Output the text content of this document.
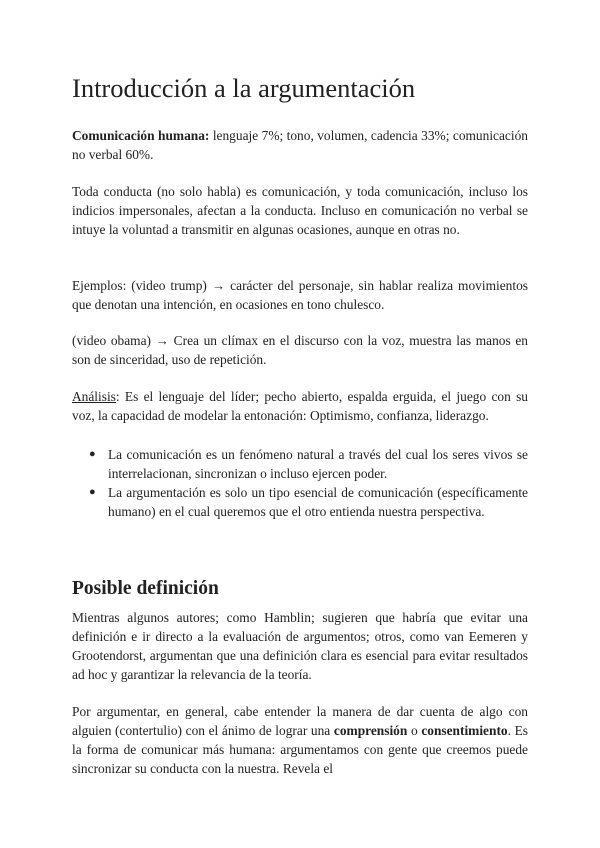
Introducción a la argumentación

Comunicación humana: lenguaje 7%; tono, volumen, cadencia 33%; comunicación no verbal 60%.

Toda conducta (no solo habla) es comunicación, y toda comunicación, incluso los indicios impersonales, afectan a la conducta. Incluso en comunicación no verbal se intuye la voluntad a transmitir en algunas ocasiones, aunque en otras no.

Ejemplos: (video trump) → carácter del personaje, sin hablar realiza movimientos que denotan una intención, en ocasiones en tono chulesco.

(video obama) → Crea un clímax en el discurso con la voz, muestra las manos en son de sinceridad, uso de repetición.

Análisis: Es el lenguaje del líder; pecho abierto, espalda erguida, el juego con su voz, la capacidad de modelar la entonación: Optimismo, confianza, liderazgo.

● La comunicación es un fenómeno natural a través del cual los seres vivos se interrelacionan, sincronizan o incluso ejercen poder.
● La argumentación es solo un tipo esencial de comunicación (específicamente humano) en el cual queremos que el otro entienda nuestra perspectiva.
Posible definición

Mientras algunos autores; como Hamblin; sugieren que habría que evitar una definición e ir directo a la evaluación de argumentos; otros, como van Eemeren y Grootendorst, argumentan que una definición clara es esencial para evitar resultados ad hoc y garantizar la relevancia de la teoría.

Por argumentar, en general, cabe entender la manera de dar cuenta de algo con alguien (contertulio) con el ánimo de lograr una comprensión o consentimiento. Es la forma de comunicar más humana: argumentamos con gente que creemos puede sincronizar su conducta con la nuestra. Revela el
